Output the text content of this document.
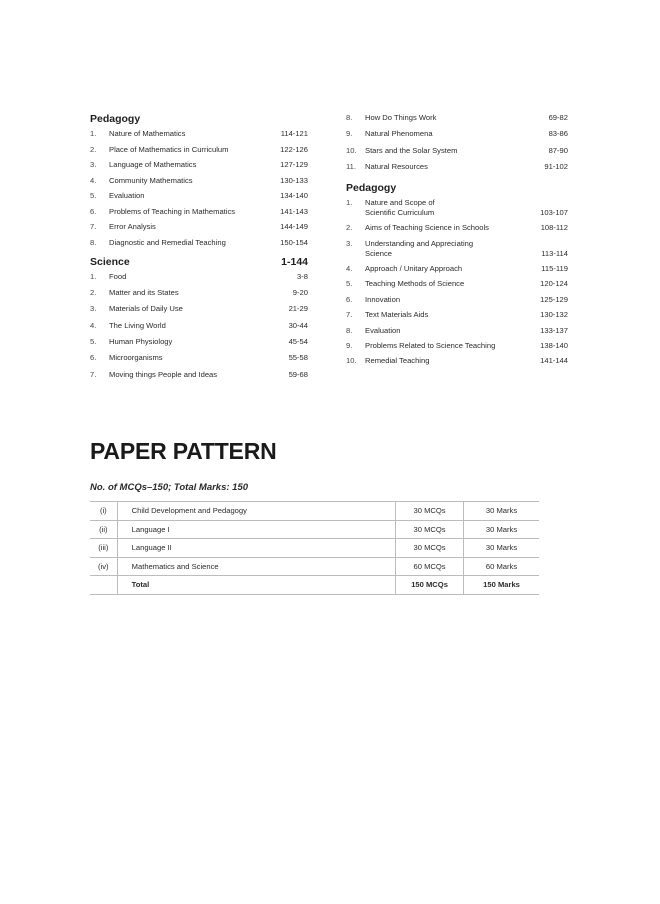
Pedagogy
1.	Nature of Mathematics	114-121
2.	Place of Mathematics in Curriculum	122-126
3.	Language of Mathematics	127-129
4.	Community Mathematics	130-133
5.	Evaluation	134-140
6.	Problems of Teaching in Mathematics	141-143
7.	Error Analysis	144-149
8.	Diagnostic and Remedial Teaching	150-154
Science	1-144
1.	Food	3-8
2.	Matter and its States	9-20
3.	Materials of Daily Use	21-29
4.	The Living World	30-44
5.	Human Physiology	45-54
6.	Microorganisms	55-58
7.	Moving things People and Ideas	59-68
8.	How Do Things Work	69-82
9.	Natural Phenomena	83-86
10.	Stars and the Solar System	87-90
11.	Natural Resources	91-102
Pedagogy
1.	Nature and Scope of
Scientific Curriculum	103-107
2.	Aims of Teaching Science in Schools	108-112
3.	Understanding and Appreciating
Science	113-114
4.	Approach / Unitary Approach	115-119
5.	Teaching Methods of Science	120-124
6.	Innovation	125-129
7.	Text Materials Aids	130-132
8.	Evaluation	133-137
9.	Problems Related to Science Teaching	138-140
10.	Remedial Teaching	141-144
PAPER PATTERN

No. of MCQs–150; Total Marks: 150

(i)	Child Development and Pedagogy	30 MCQs	30 Marks
(ii)	Language I	30 MCQs	30 Marks
(iii)	Language II	30 MCQs	30 Marks
(iv)	Mathematics and Science	60 MCQs	60 Marks
	Total	150 MCQs	150 Marks
